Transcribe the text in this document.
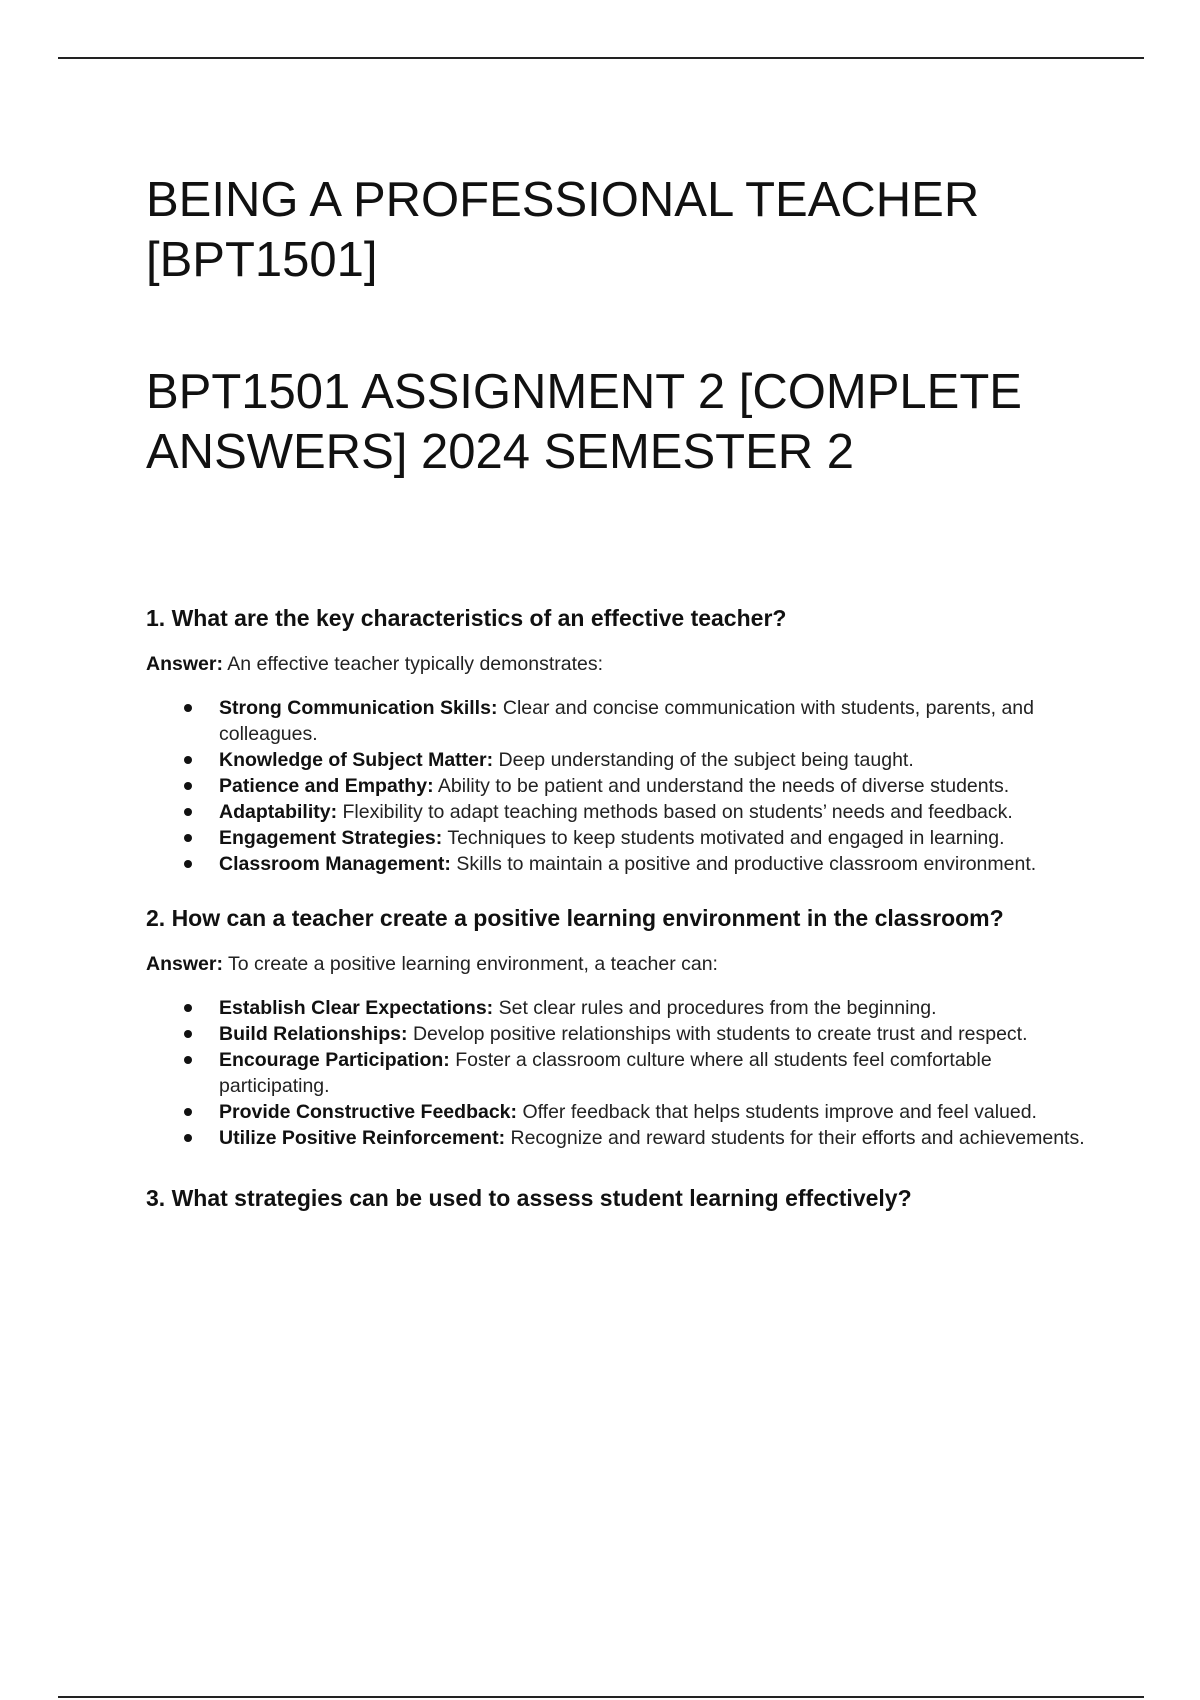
BEING A PROFESSIONAL TEACHER [BPT1501]
BPT1501 ASSIGNMENT 2 [COMPLETE ANSWERS] 2024 SEMESTER 2
1. What are the key characteristics of an effective teacher?

Answer: An effective teacher typically demonstrates:

Strong Communication Skills: Clear and concise communication with students, parents, and colleagues.
Knowledge of Subject Matter: Deep understanding of the subject being taught.
Patience and Empathy: Ability to be patient and understand the needs of diverse students.
Adaptability: Flexibility to adapt teaching methods based on students’ needs and feedback.
Engagement Strategies: Techniques to keep students motivated and engaged in learning.
Classroom Management: Skills to maintain a positive and productive classroom environment.
2. How can a teacher create a positive learning environment in the classroom?

Answer: To create a positive learning environment, a teacher can:

Establish Clear Expectations: Set clear rules and procedures from the beginning.
Build Relationships: Develop positive relationships with students to create trust and respect.
Encourage Participation: Foster a classroom culture where all students feel comfortable participating.
Provide Constructive Feedback: Offer feedback that helps students improve and feel valued.
Utilize Positive Reinforcement: Recognize and reward students for their efforts and achievements.
3. What strategies can be used to assess student learning effectively?
